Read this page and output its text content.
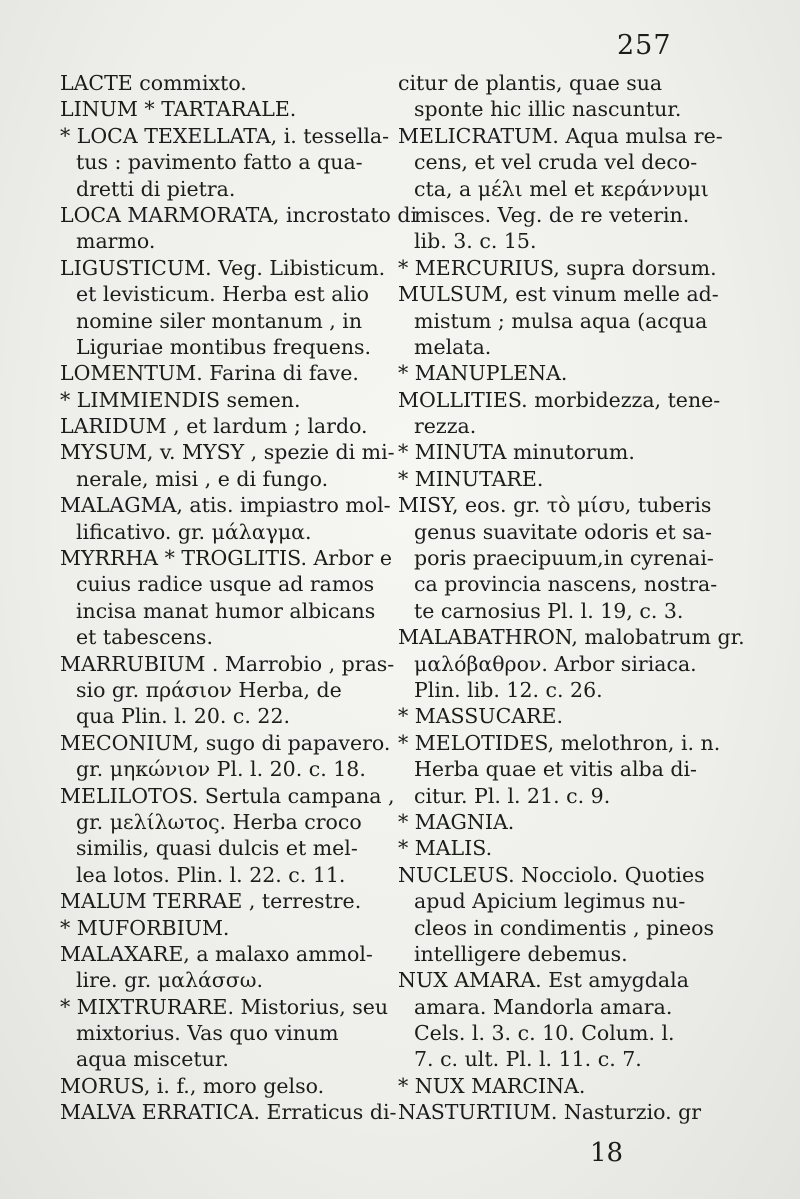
257
LACTE commixto.
LINUM * TARTARALE.
* LOCA TEXELLATA, i. tessella-
tus : pavimento fatto a qua-
dretti di pietra.
LOCA MARMORATA, incrostato di
marmo.
LIGUSTICUM. Veg. Libisticum.
et levisticum. Herba est alio
nomine siler montanum , in
Liguriae montibus frequens.
LOMENTUM. Farina di fave.
* LIMMIENDIS semen.
LARIDUM , et lardum ; lardo.
MYSUM, v. MYSY , spezie di mi-
nerale, misi , e di fungo.
MALAGMA, atis. impiastro mol-
lificativo. gr. μάλαγμα.
MYRRHA * TROGLITIS. Arbor e
cuius radice usque ad ramos
incisa manat humor albicans
et tabescens.
MARRUBIUM . Marrobio , pras-
sio gr. πράσιον Herba, de
qua Plin. l. 20. c. 22.
MECONIUM, sugo di papavero.
gr. μηκώνιον Pl. l. 20. c. 18.
MELILOTOS. Sertula campana ,
gr. μελίλωτος. Herba croco
similis, quasi dulcis et mel-
lea lotos. Plin. l. 22. c. 11.
MALUM TERRAE , terrestre.
* MUFORBIUM.
MALAXARE, a malaxo ammol-
lire. gr. μαλάσσω.
* MIXTRURARE. Mistorius, seu
mixtorius. Vas quo vinum
aqua miscetur.
MORUS, i. f., moro gelso.
MALVA ERRATICA. Erraticus di-
citur de plantis, quae sua
sponte hic illic nascuntur.
MELICRATUM. Aqua mulsa re-
cens, et vel cruda vel deco-
cta, a μέλι mel et κεράννυμι
misces. Veg. de re veterin.
lib. 3. c. 15.
* MERCURIUS, supra dorsum.
MULSUM, est vinum melle ad-
mistum ; mulsa aqua (acqua
melata.
* MANUPLENA.
MOLLITIES. morbidezza, tene-
rezza.
* MINUTA minutorum.
* MINUTARE.
MISY, eos. gr. τὸ μίσυ, tuberis
genus suavitate odoris et sa-
poris praecipuum,in cyrenai-
ca provincia nascens, nostra-
te carnosius Pl. l. 19, c. 3.
MALABATHRON, malobatrum gr.
μαλόβαθρον. Arbor siriaca.
Plin. lib. 12. c. 26.
* MASSUCARE.
* MELOTIDES, melothron, i. n.
Herba quae et vitis alba di-
citur. Pl. l. 21. c. 9.
* MAGNIA.
* MALIS.
NUCLEUS. Nocciolo. Quoties
apud Apicium legimus nu-
cleos in condimentis , pineos
intelligere debemus.
NUX AMARA. Est amygdala
amara. Mandorla amara.
Cels. l. 3. c. 10. Colum. l.
7. c. ult. Pl. l. 11. c. 7.
* NUX MARCINA.
NASTURTIUM. Nasturzio. gr
18
